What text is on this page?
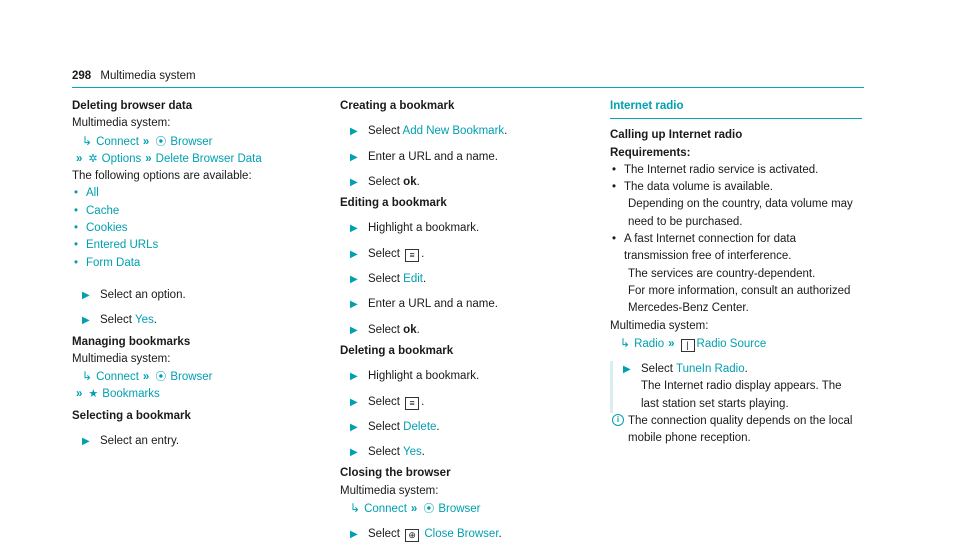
298 Multimedia system
Deleting browser data
Multimedia system:
↳ Connect » ⦿ Browser
» ✲ Options » Delete Browser Data
The following options are available:
• All
• Cache
• Cookies
• Entered URLs
• Form Data
▶ Select an option.
▶ Select Yes.
Managing bookmarks
Multimedia system:
↳ Connect » ⦿ Browser
» ★ Bookmarks
Selecting a bookmark
▶ Select an entry.
Creating a bookmark
▶ Select Add New Bookmark.
▶ Enter a URL and a name.
▶ Select ok.
Editing a bookmark
▶ Highlight a bookmark.
▶ Select ≡ .
▶ Select Edit.
▶ Enter a URL and a name.
▶ Select ok.
Deleting a bookmark
▶ Highlight a bookmark.
▶ Select ≡ .
▶ Select Delete.
▶ Select Yes.
Closing the browser
Multimedia system:
↳ Connect » ⦿ Browser
▶ Select ⊕ Close Browser.
Internet radio
Calling up Internet radio
Requirements:
• The Internet radio service is activated.
• The data volume is available.
Depending on the country, data volume may need to be purchased.
• A fast Internet connection for data transmission free of interference.
The services are country-dependent.
For more information, consult an authorized Mercedes-Benz Center.
Multimedia system:
↳ Radio » | Radio Source
▶ Select TuneIn Radio.
The Internet radio display appears. The last station set starts playing.
i The connection quality depends on the local mobile phone reception.
